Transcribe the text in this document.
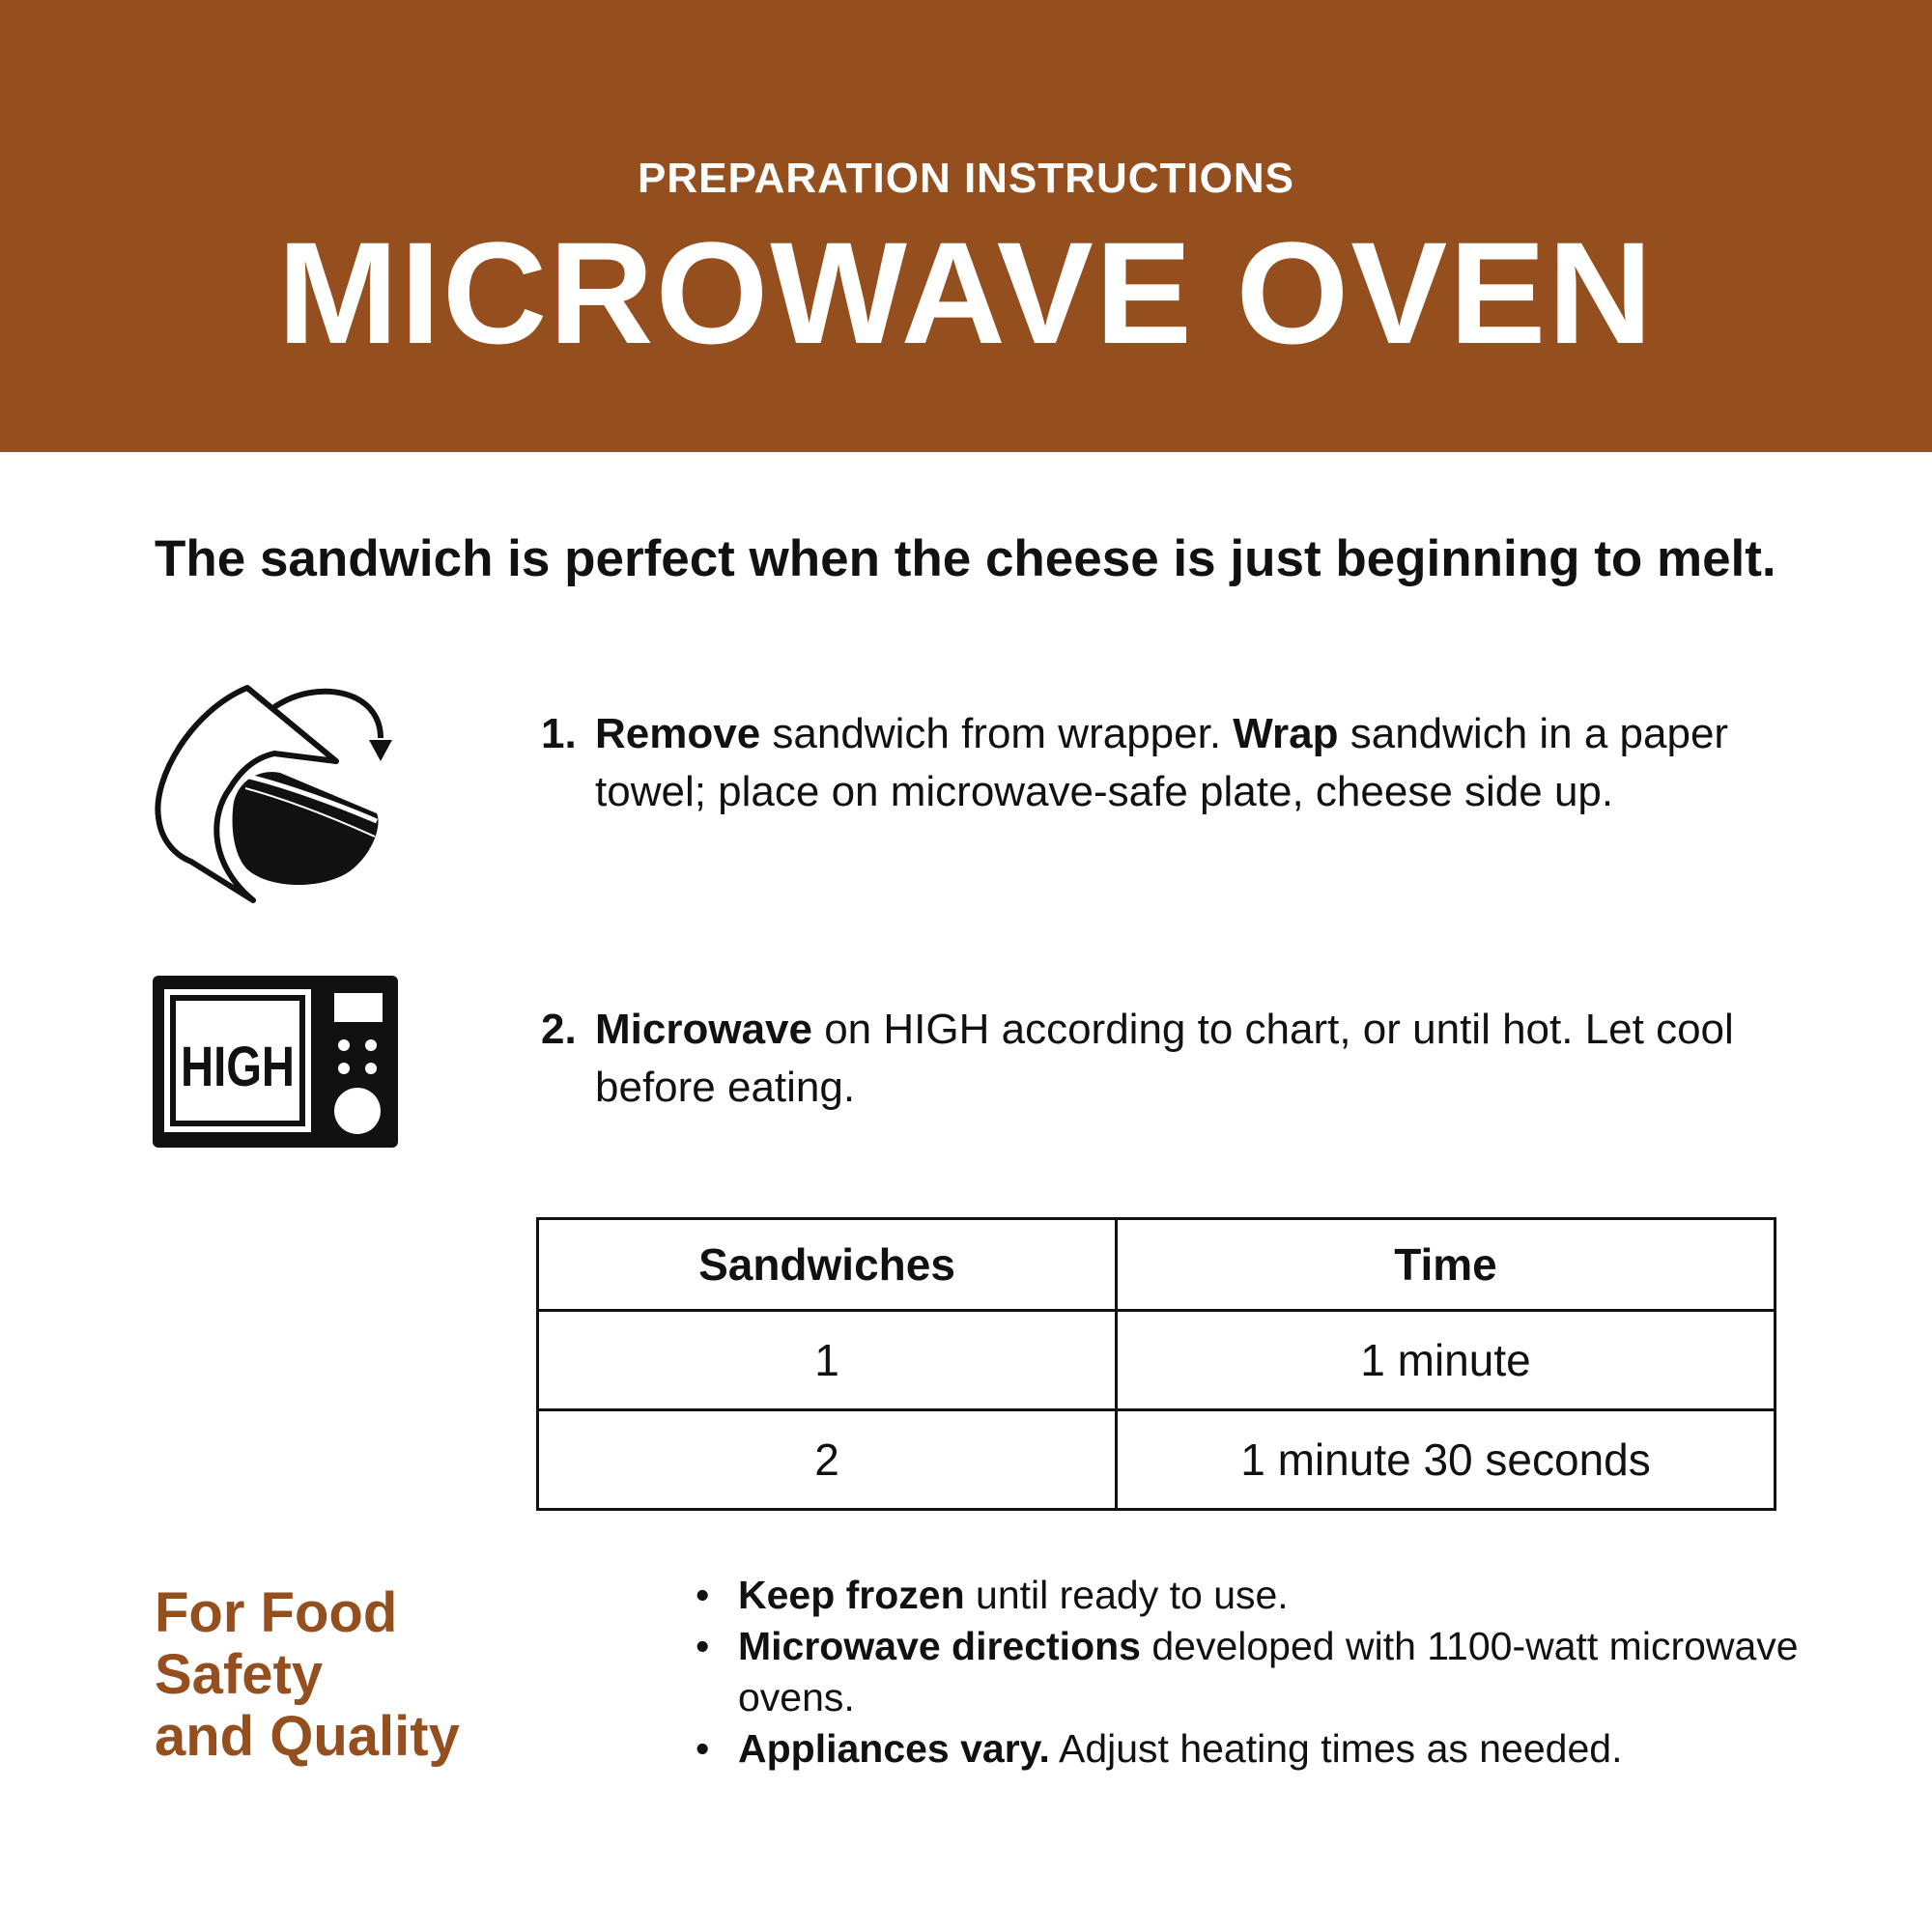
PREPARATION INSTRUCTIONS
MICROWAVE OVEN
The sandwich is perfect when the cheese is just beginning to melt.
1. Remove sandwich from wrapper. Wrap sandwich in a paper towel; place on microwave-safe plate, cheese side up.
HIGH
2. Microwave on HIGH according to chart, or until hot. Let cool before eating.
Sandwiches	Time
1	1 minute
2	1 minute 30 seconds
For Food
Safety
and Quality
• Keep frozen until ready to use.
• Microwave directions developed with 1100-watt microwave ovens.
• Appliances vary. Adjust heating times as needed.
